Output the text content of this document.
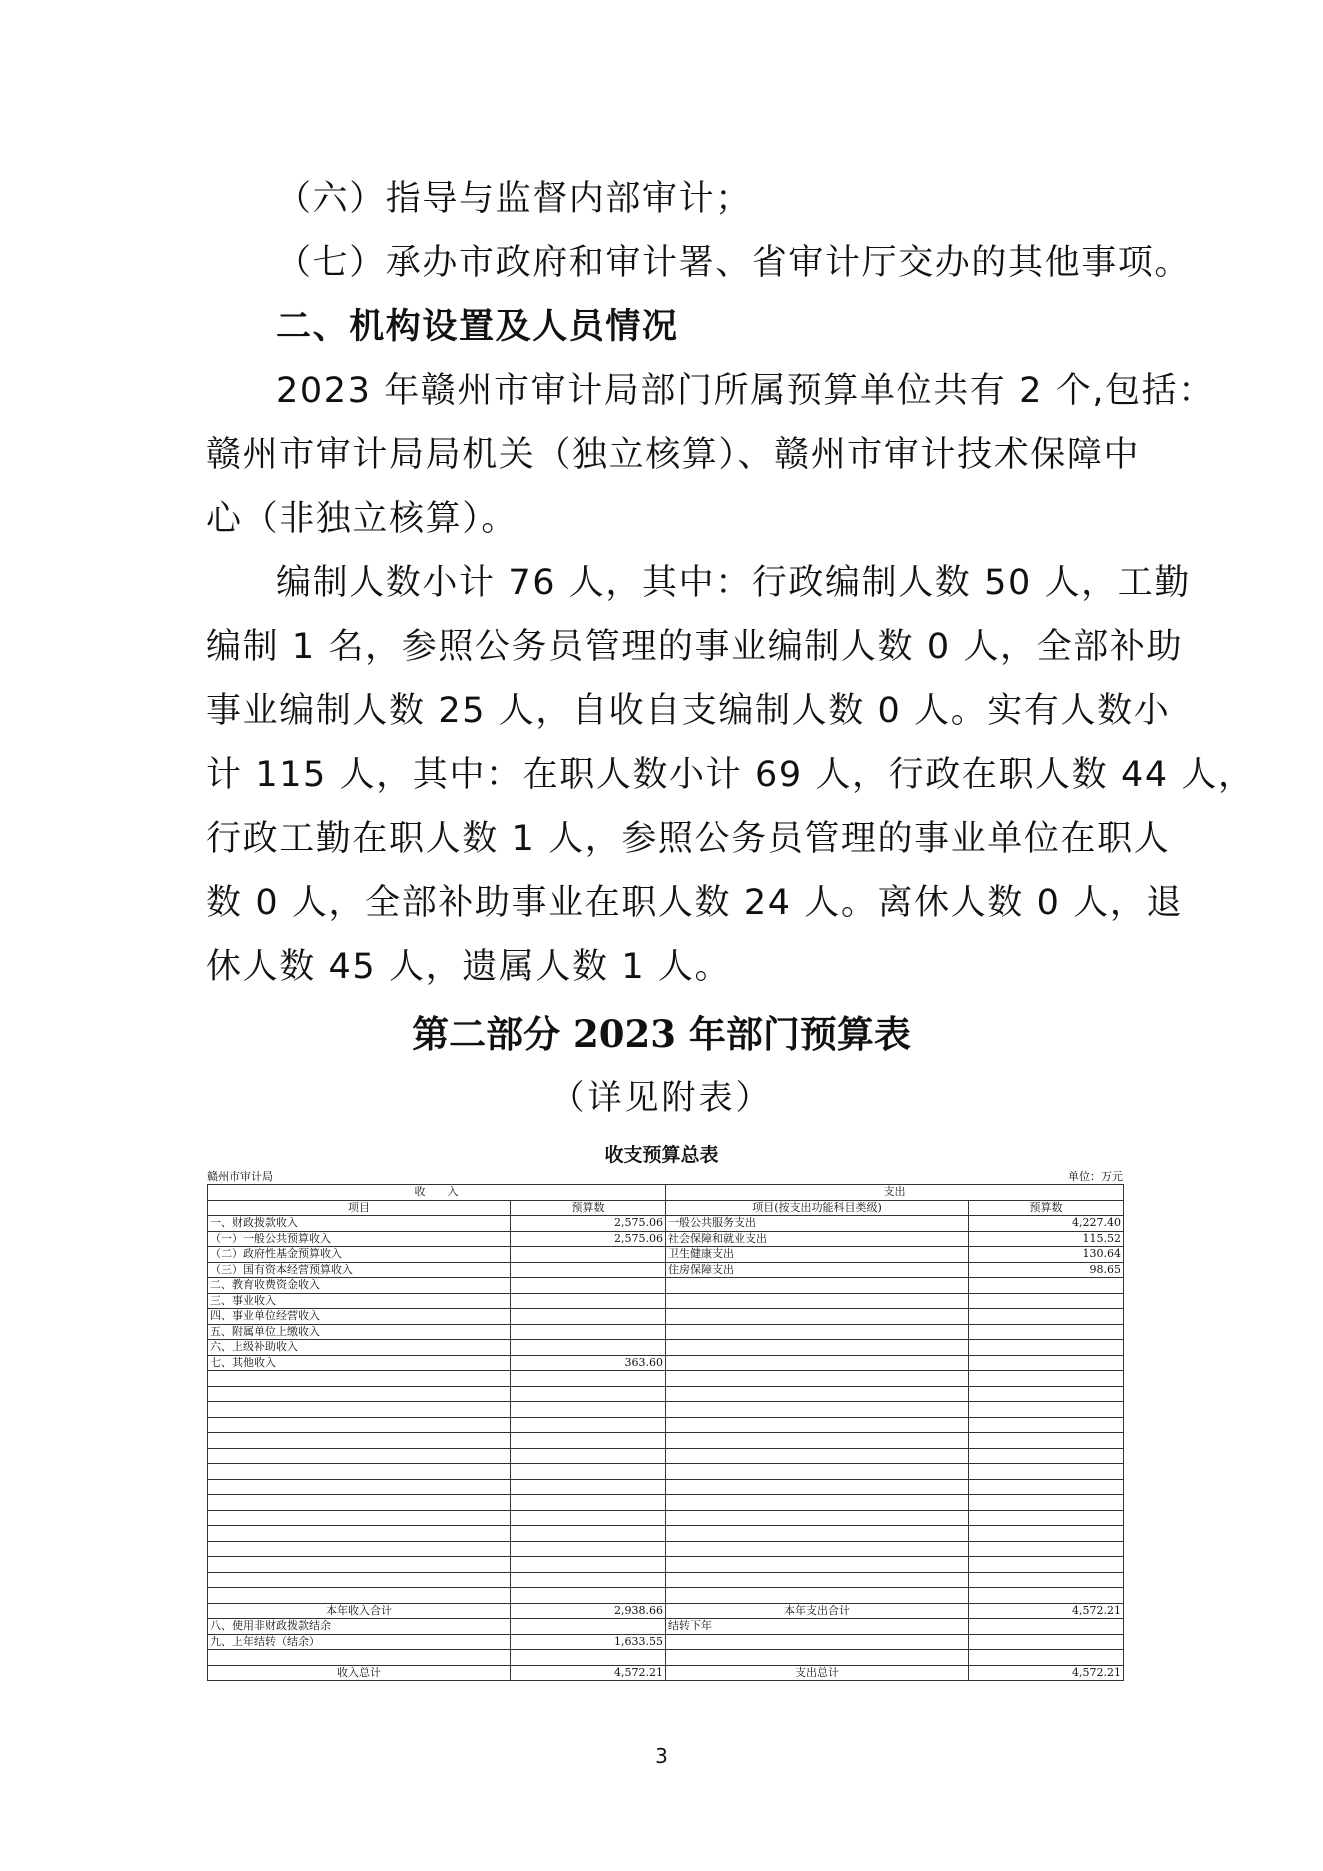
（六）指导与监督内部审计；
（七）承办市政府和审计署、省审计厅交办的其他事项。
二、机构设置及人员情况
2023 年赣州市审计局部门所属预算单位共有 2 个,包括：
赣州市审计局局机关（独立核算）、赣州市审计技术保障中
心（非独立核算）。
编制人数小计 76 人，其中：行政编制人数 50 人，工勤
编制 1 名，参照公务员管理的事业编制人数 0 人，全部补助
事业编制人数 25 人，自收自支编制人数 0 人。实有人数小
计 115 人，其中：在职人数小计 69 人，行政在职人数 44 人，
行政工勤在职人数 1 人，参照公务员管理的事业单位在职人
数 0 人，全部补助事业在职人数 24 人。离休人数 0 人，退
休人数 45 人，遗属人数 1 人。
第二部分 2023 年部门预算表
（详见附表）
收支预算总表
赣州市审计局	单位：万元
收　　入		支出	
项目	预算数	项目(按支出功能科目类级)	预算数
一、财政拨款收入	2,575.06	一般公共服务支出	4,227.40
（一）一般公共预算收入	2,575.06	社会保障和就业支出	115.52
（二）政府性基金预算收入		卫生健康支出	130.64
（三）国有资本经营预算收入		住房保障支出	98.65
二、教育收费资金收入			
三、事业收入			
四、事业单位经营收入			
五、附属单位上缴收入			
六、上级补助收入			
七、其他收入	363.60		

本年收入合计	2,938.66	本年支出合计	4,572.21
八、使用非财政拨款结余		结转下年	
九、上年结转（结余）	1,633.55		

收入总计	4,572.21	支出总计	4,572.21
3
